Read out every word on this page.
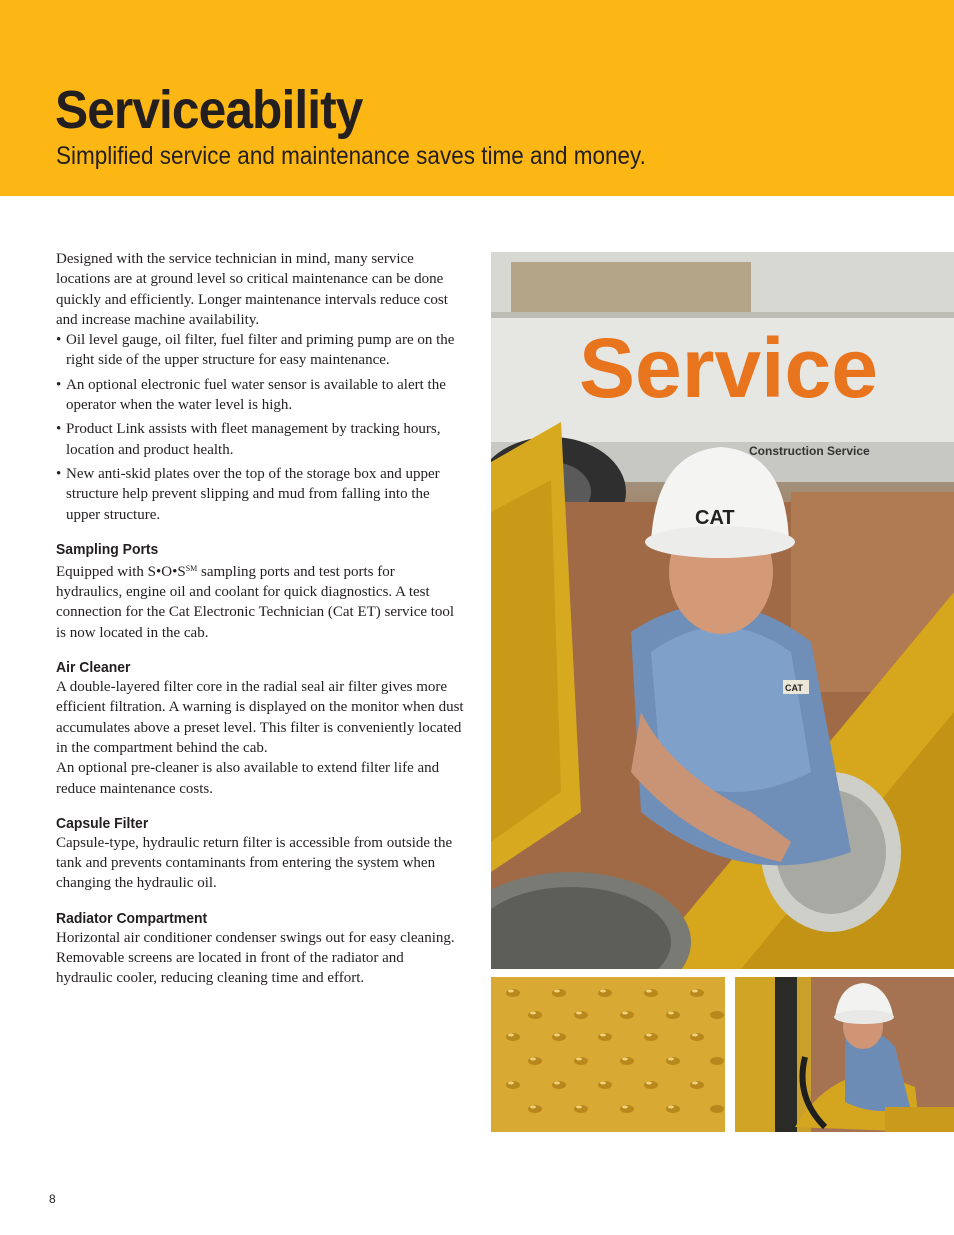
Serviceability
Simplified service and maintenance saves time and money.

Designed with the service technician in mind, many service locations are at ground level so critical maintenance can be done quickly and efficiently. Longer maintenance intervals reduce cost and increase machine availability.

• Oil level gauge, oil filter, fuel filter and priming pump are on the right side of the upper structure for easy maintenance.
• An optional electronic fuel water sensor is available to alert the operator when the water level is high.
• Product Link assists with fleet management by tracking hours, location and product health.
• New anti-skid plates over the top of the storage box and upper structure help prevent slipping and mud from falling into the upper structure.
Sampling Ports

Equipped with S•O•S℠ sampling ports and test ports for hydraulics, engine oil and coolant for quick diagnostics. A test connection for the Cat Electronic Technician (Cat ET) service tool is now located in the cab.

Air Cleaner

A double-layered filter core in the radial seal air filter gives more efficient filtration. A warning is displayed on the monitor when dust accumulates above a preset level. This filter is conveniently located in the compartment behind the cab.

An optional pre-cleaner is also available to extend filter life and reduce maintenance costs.

Capsule Filter

Capsule-type, hydraulic return filter is accessible from outside the tank and prevents contaminants from entering the system when changing the hydraulic oil.

Radiator Compartment

Horizontal air conditioner condenser swings out for easy cleaning. Removable screens are located in front of the radiator and hydraulic cooler, reducing cleaning time and effort.

Service
Construction Service
CAT
CAT
8
